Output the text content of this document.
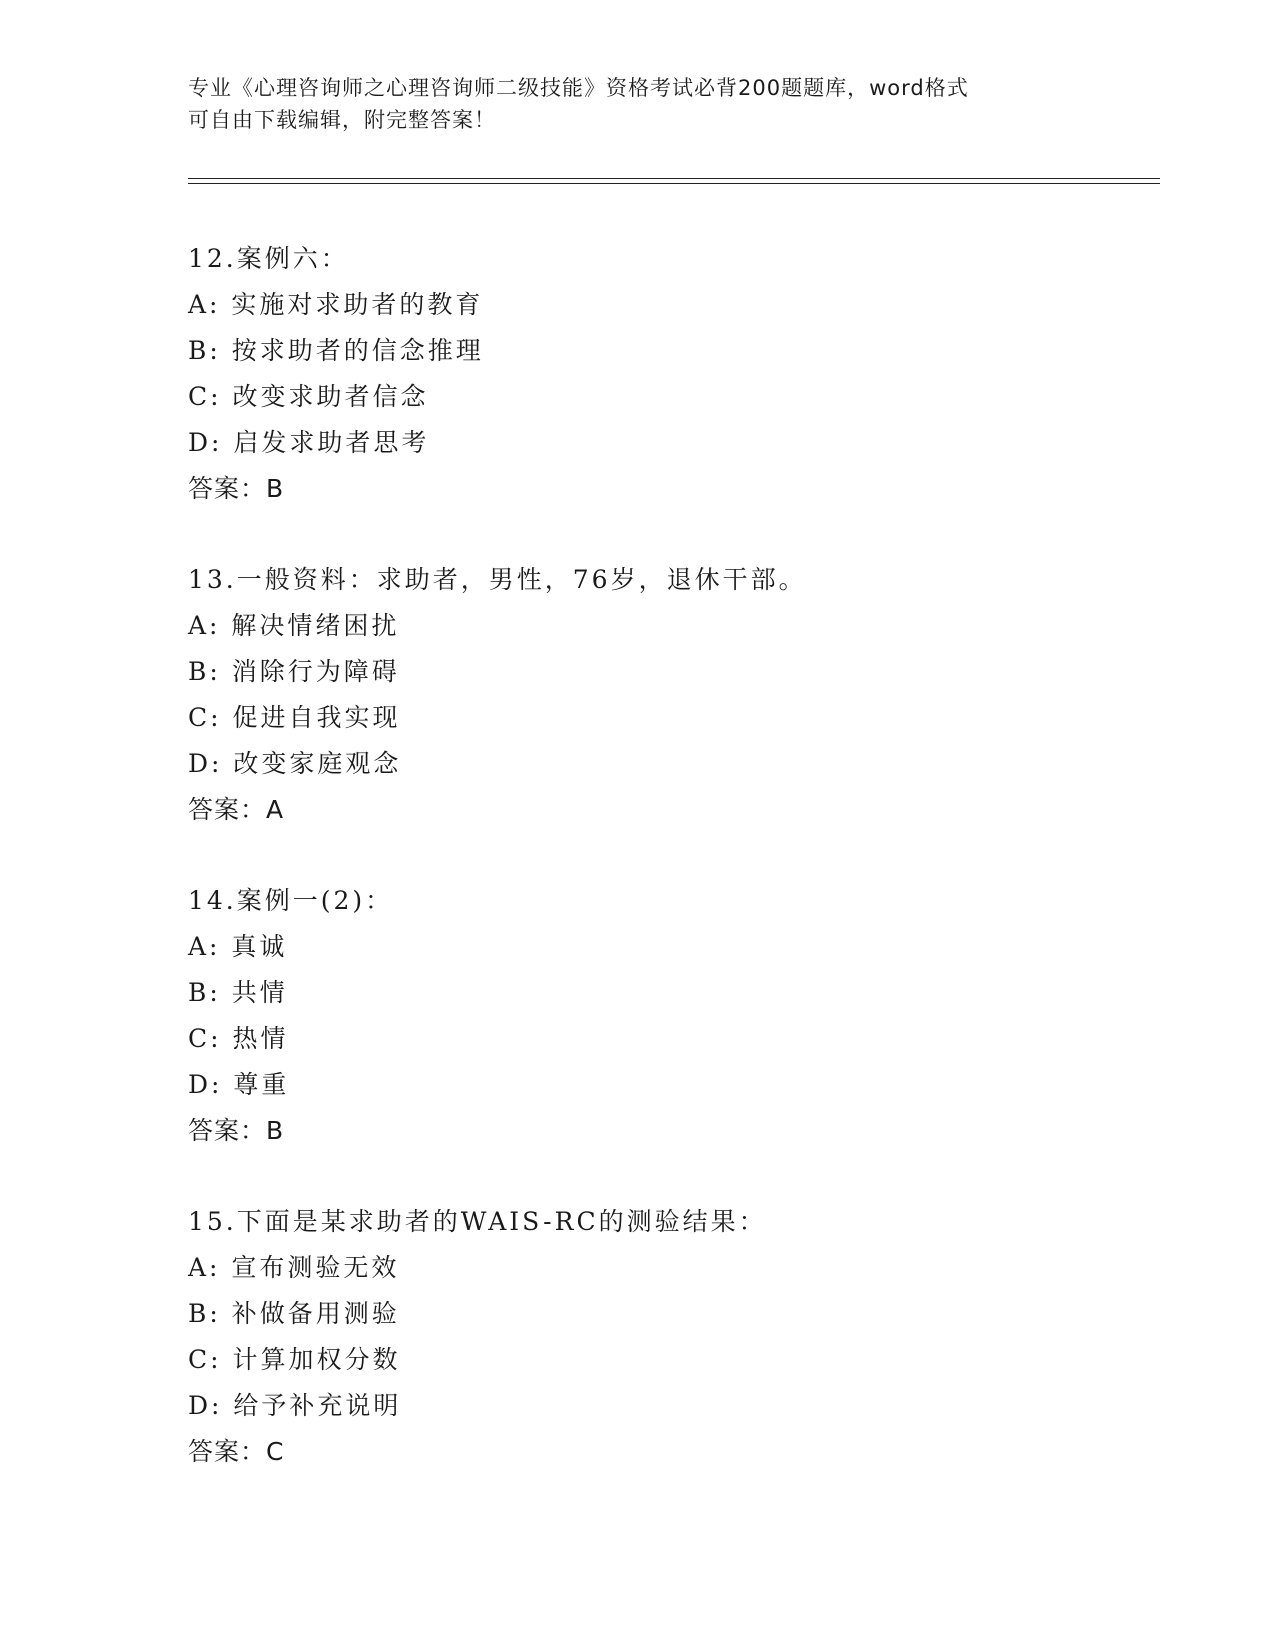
专业《心理咨询师之心理咨询师二级技能》资格考试必背200题题库，word格式
可自由下载编辑，附完整答案！
12.案例六：
A: 实施对求助者的教育
B: 按求助者的信念推理
C: 改变求助者信念
D: 启发求助者思考
答案：B
13.一般资料：求助者，男性，76岁，退休干部。
A: 解决情绪困扰
B: 消除行为障碍
C: 促进自我实现
D: 改变家庭观念
答案：A
14.案例一(2)：
A: 真诚
B: 共情
C: 热情
D: 尊重
答案：B
15.下面是某求助者的WAIS-RC的测验结果：
A: 宣布测验无效
B: 补做备用测验
C: 计算加权分数
D: 给予补充说明
答案：C
